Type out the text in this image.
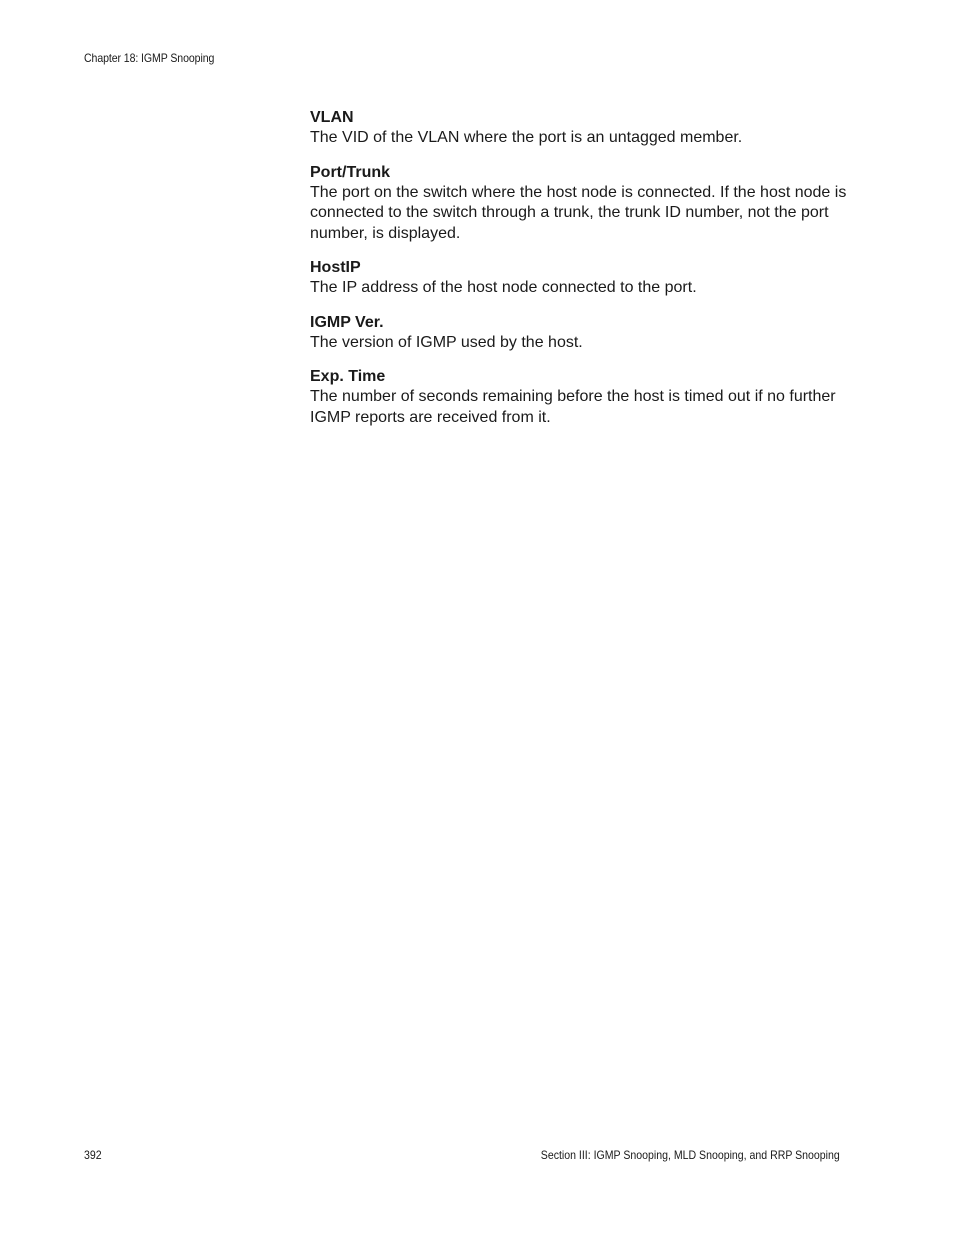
Chapter 18: IGMP Snooping

VLAN

The VID of the VLAN where the port is an untagged member.

Port/Trunk

The port on the switch where the host node is connected. If the host node is connected to the switch through a trunk, the trunk ID number, not the port number, is displayed.

HostIP

The IP address of the host node connected to the port.

IGMP Ver.

The version of IGMP used by the host.

Exp. Time

The number of seconds remaining before the host is timed out if no further IGMP reports are received from it.

392	Section III: IGMP Snooping, MLD Snooping, and RRP Snooping
